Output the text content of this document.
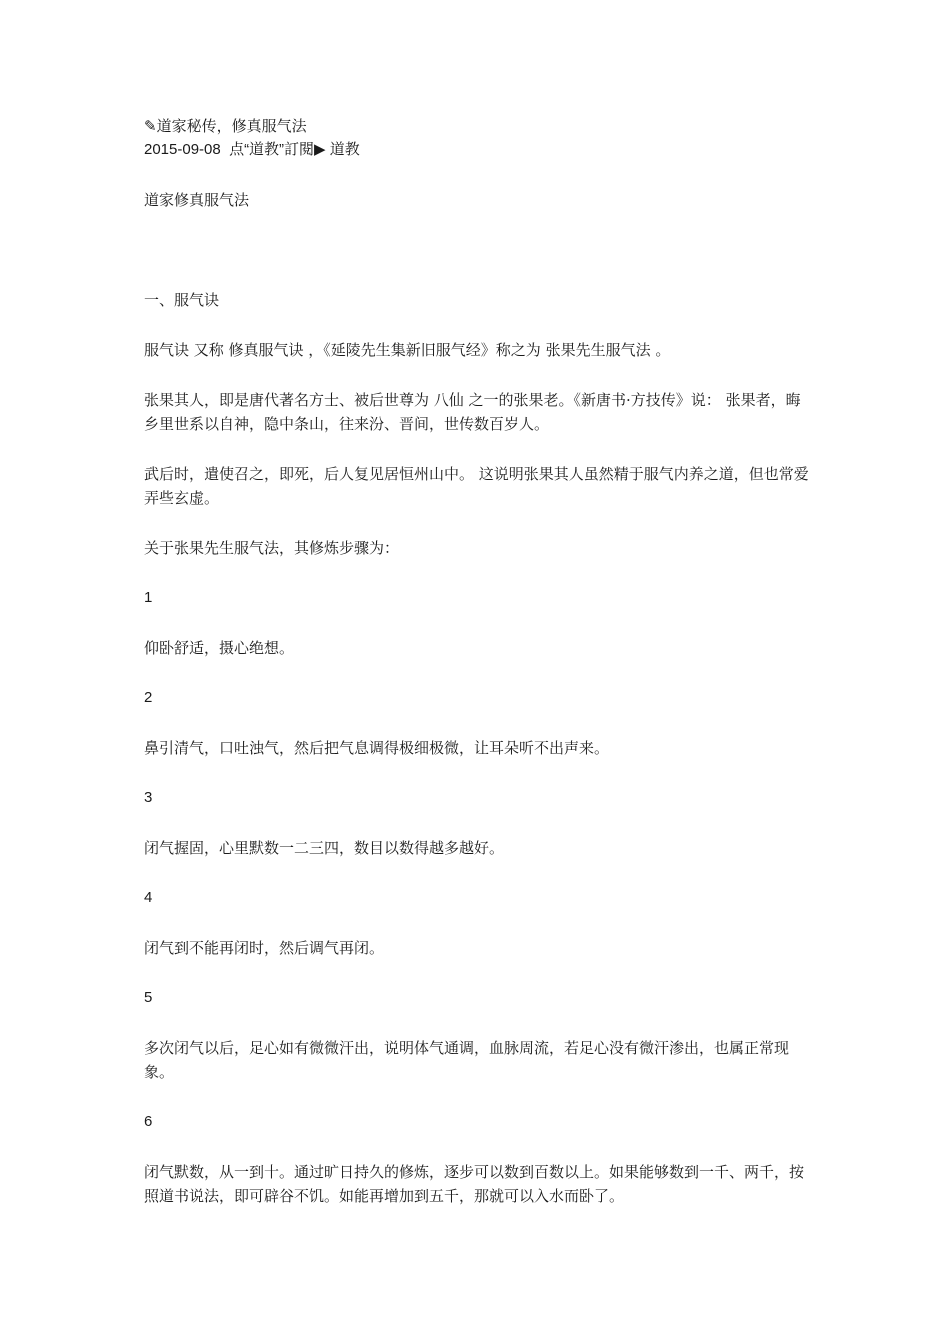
✎道家秘传，修真服气法

2015-09-08  点“道教”訂閱▶ 道教

道家修真服气法

一、服气诀

服气诀 又称 修真服气诀 ，《延陵先生集新旧服气经》称之为 张果先生服气法 。

张果其人，即是唐代著名方士、被后世尊为 八仙 之一的张果老。《新唐书·方技传》说： 张果者，晦乡里世系以自神，隐中条山，往来汾、晋间，世传数百岁人。

武后时，遣使召之，即死，后人复见居恒州山中。 这说明张果其人虽然精于服气内养之道，但也常爱弄些玄虚。

关于张果先生服气法，其修炼步骤为：

1

仰卧舒适，摄心绝想。

2

鼻引清气，口吐浊气，然后把气息调得极细极微，让耳朵听不出声来。

3

闭气握固，心里默数一二三四，数目以数得越多越好。

4

闭气到不能再闭时，然后调气再闭。

5

多次闭气以后，足心如有微微汗出，说明体气通调，血脉周流，若足心没有微汗渗出，也属正常现象。

6

闭气默数，从一到十。通过旷日持久的修炼，逐步可以数到百数以上。如果能够数到一千、两千，按照道书说法，即可辟谷不饥。如能再增加到五千，那就可以入水而卧了。
